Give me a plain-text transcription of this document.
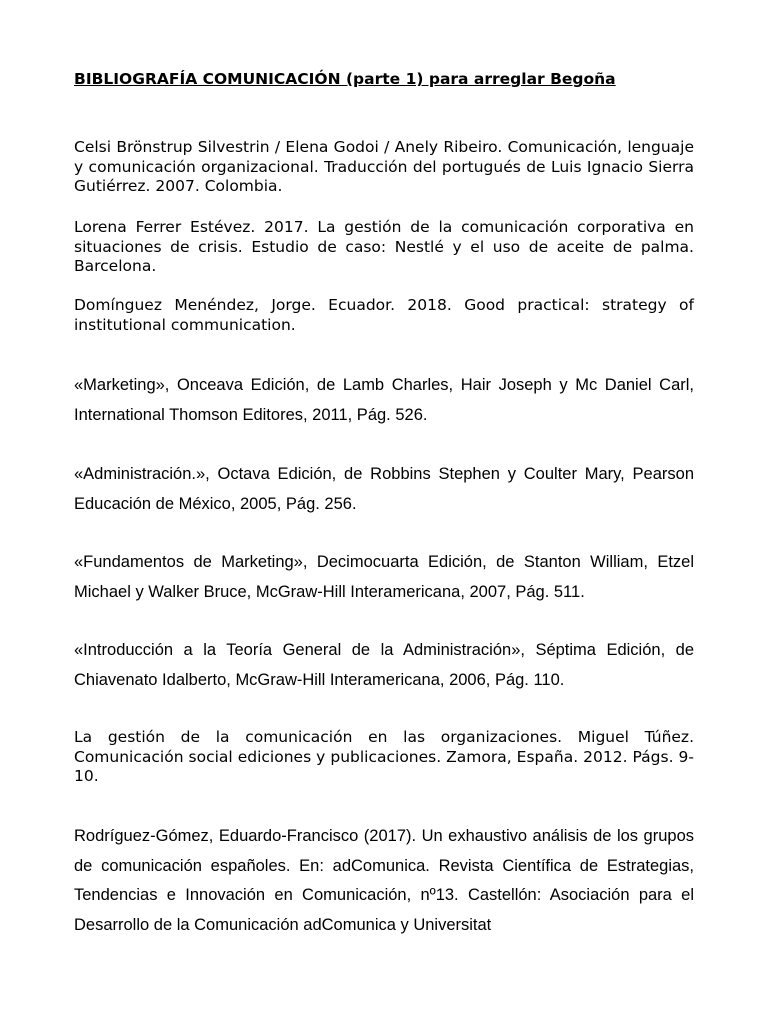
BIBLIOGRAFÍA COMUNICACIÓN (parte 1) para arreglar Begoña

Celsi Brönstrup Silvestrin / Elena Godoi / Anely Ribeiro. Comunicación, lenguaje y comunicación organizacional. Traducción del portugués de Luis Ignacio Sierra Gutiérrez. 2007. Colombia.

Lorena Ferrer Estévez. 2017. La gestión de la comunicación corporativa en situaciones de crisis. Estudio de caso: Nestlé y el uso de aceite de palma. Barcelona.

Domínguez Menéndez, Jorge. Ecuador. 2018. Good practical: strategy of institutional communication.

«Marketing», Onceava Edición, de Lamb Charles, Hair Joseph y Mc Daniel Carl, International Thomson Editores, 2011, Pág. 526.

«Administración.», Octava Edición, de Robbins Stephen y Coulter Mary, Pearson Educación de México, 2005, Pág. 256.

«Fundamentos de Marketing», Decimocuarta Edición, de Stanton William, Etzel Michael y Walker Bruce, McGraw-Hill Interamericana, 2007, Pág. 511.

«Introducción a la Teoría General de la Administración», Séptima Edición, de Chiavenato Idalberto, McGraw-Hill Interamericana, 2006, Pág. 110.

La gestión de la comunicación en las organizaciones. Miguel Túñez. Comunicación social ediciones y publicaciones. Zamora, España. 2012. Págs. 9-10.

Rodríguez-Gómez, Eduardo-Francisco (2017). Un exhaustivo análisis de los grupos de comunicación españoles. En: adComunica. Revista Científica de Estrategias, Tendencias e Innovación en Comunicación, nº13. Castellón: Asociación para el Desarrollo de la Comunicación adComunica y Universitat
